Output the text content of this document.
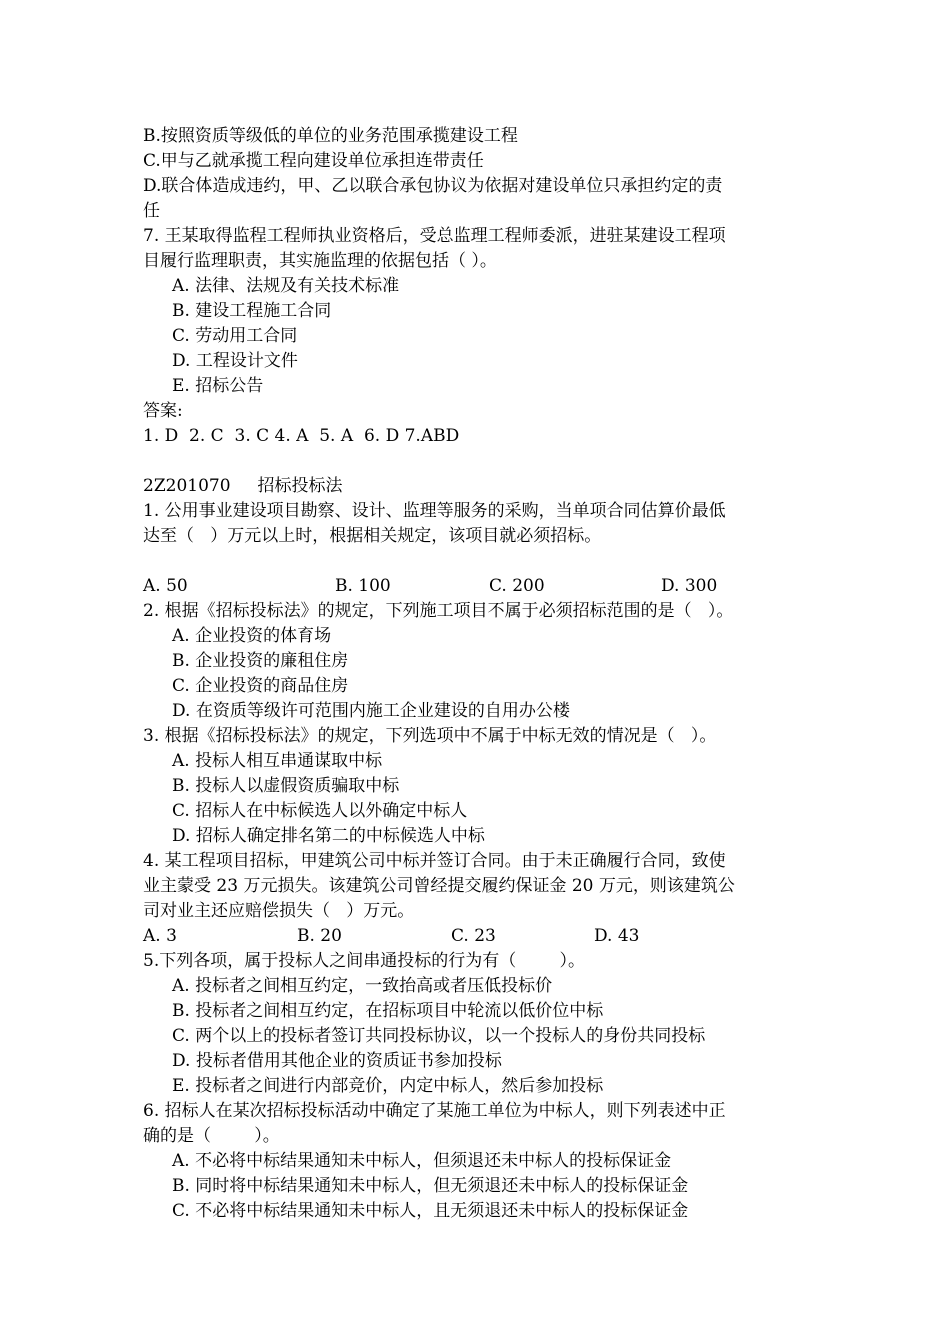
B.按照资质等级低的单位的业务范围承揽建设工程
C.甲与乙就承揽工程向建设单位承担连带责任
D.联合体造成违约，甲、乙以联合承包协议为依据对建设单位只承担约定的责
任
7. 王某取得监程工程师执业资格后，受总监理工程师委派，进驻某建设工程项
目履行监理职责，其实施监理的依据包括（ ）。
A. 法律、法规及有关技术标准
B. 建设工程施工合同
C. 劳动用工合同
D. 工程设计文件
E. 招标公告
答案:
1. D  2. C  3. C 4. A  5. A  6. D 7.ABD
2Z201070     招标投标法
1. 公用事业建设项目勘察、设计、监理等服务的采购，当单项合同估算价最低
达至（   ）万元以上时，根据相关规定，该项目就必须招标。
A. 50	B. 100	C. 200	D. 300
2. 根据《招标投标法》的规定，下列施工项目不属于必须招标范围的是（   ）。
A. 企业投资的体育场
B. 企业投资的廉租住房
C. 企业投资的商品住房
D. 在资质等级许可范围内施工企业建设的自用办公楼
3. 根据《招标投标法》的规定，下列选项中不属于中标无效的情况是（   ）。
A. 投标人相互串通谋取中标
B. 投标人以虚假资质骗取中标
C. 招标人在中标候选人以外确定中标人
D. 招标人确定排名第二的中标候选人中标
4. 某工程项目招标，甲建筑公司中标并签订合同。由于未正确履行合同，致使
业主蒙受 23 万元损失。该建筑公司曾经提交履约保证金 20 万元，则该建筑公
司对业主还应赔偿损失（   ）万元。
A. 3	B. 20	C. 23	D. 43
5.下列各项，属于投标人之间串通投标的行为有（        ）。
A. 投标者之间相互约定，一致抬高或者压低投标价
B. 投标者之间相互约定，在招标项目中轮流以低价位中标
C. 两个以上的投标者签订共同投标协议，以一个投标人的身份共同投标
D. 投标者借用其他企业的资质证书参加投标
E. 投标者之间进行内部竞价，内定中标人，然后参加投标
6. 招标人在某次招标投标活动中确定了某施工单位为中标人，则下列表述中正
确的是（        ）。
A. 不必将中标结果通知未中标人，但须退还未中标人的投标保证金
B. 同时将中标结果通知未中标人，但无须退还未中标人的投标保证金
C. 不必将中标结果通知未中标人，且无须退还未中标人的投标保证金
